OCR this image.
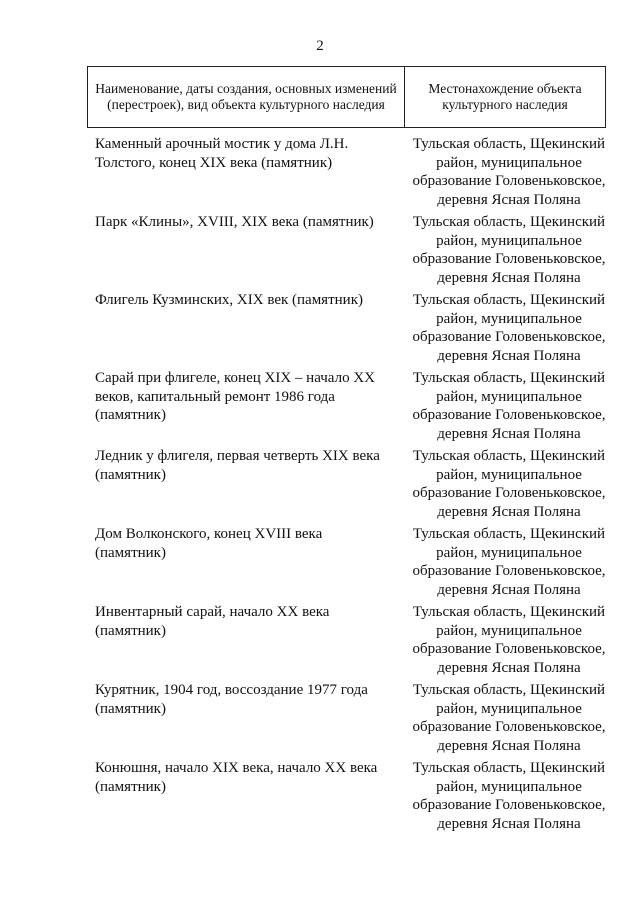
2
Наименование, даты создания, основных изменений (перестроек), вид объекта культурного наследия
Местонахождение объекта культурного наследия
Каменный арочный мостик у дома Л.Н. Толстого, конец XIX века (памятник)
Тульская область, Щекинский район, муниципальное образование Головеньковское, деревня Ясная Поляна
Парк «Клины», XVIII, XIX века (памятник)	Тульская область, Щекинский район, муниципальное образование Головеньковское, деревня Ясная Поляна
Флигель Кузминских, XIX век (памятник)	Тульская область, Щекинский район, муниципальное образование Головеньковское, деревня Ясная Поляна
Сарай при флигеле, конец XIX – начало XX веков, капитальный ремонт 1986 года (памятник)
Тульская область, Щекинский район, муниципальное образование Головеньковское, деревня Ясная Поляна
Ледник у флигеля, первая четверть XIX века (памятник)
Тульская область, Щекинский район, муниципальное образование Головеньковское, деревня Ясная Поляна
Дом Волконского, конец XVIII века (памятник)
Тульская область, Щекинский район, муниципальное образование Головеньковское, деревня Ясная Поляна
Инвентарный сарай, начало XX века (памятник)
Тульская область, Щекинский район, муниципальное образование Головеньковское, деревня Ясная Поляна
Курятник, 1904 год, воссоздание 1977 года (памятник)
Тульская область, Щекинский район, муниципальное образование Головеньковское, деревня Ясная Поляна
Конюшня, начало XIX века, начало XX века (памятник)
Тульская область, Щекинский район, муниципальное образование Головеньковское, деревня Ясная Поляна
